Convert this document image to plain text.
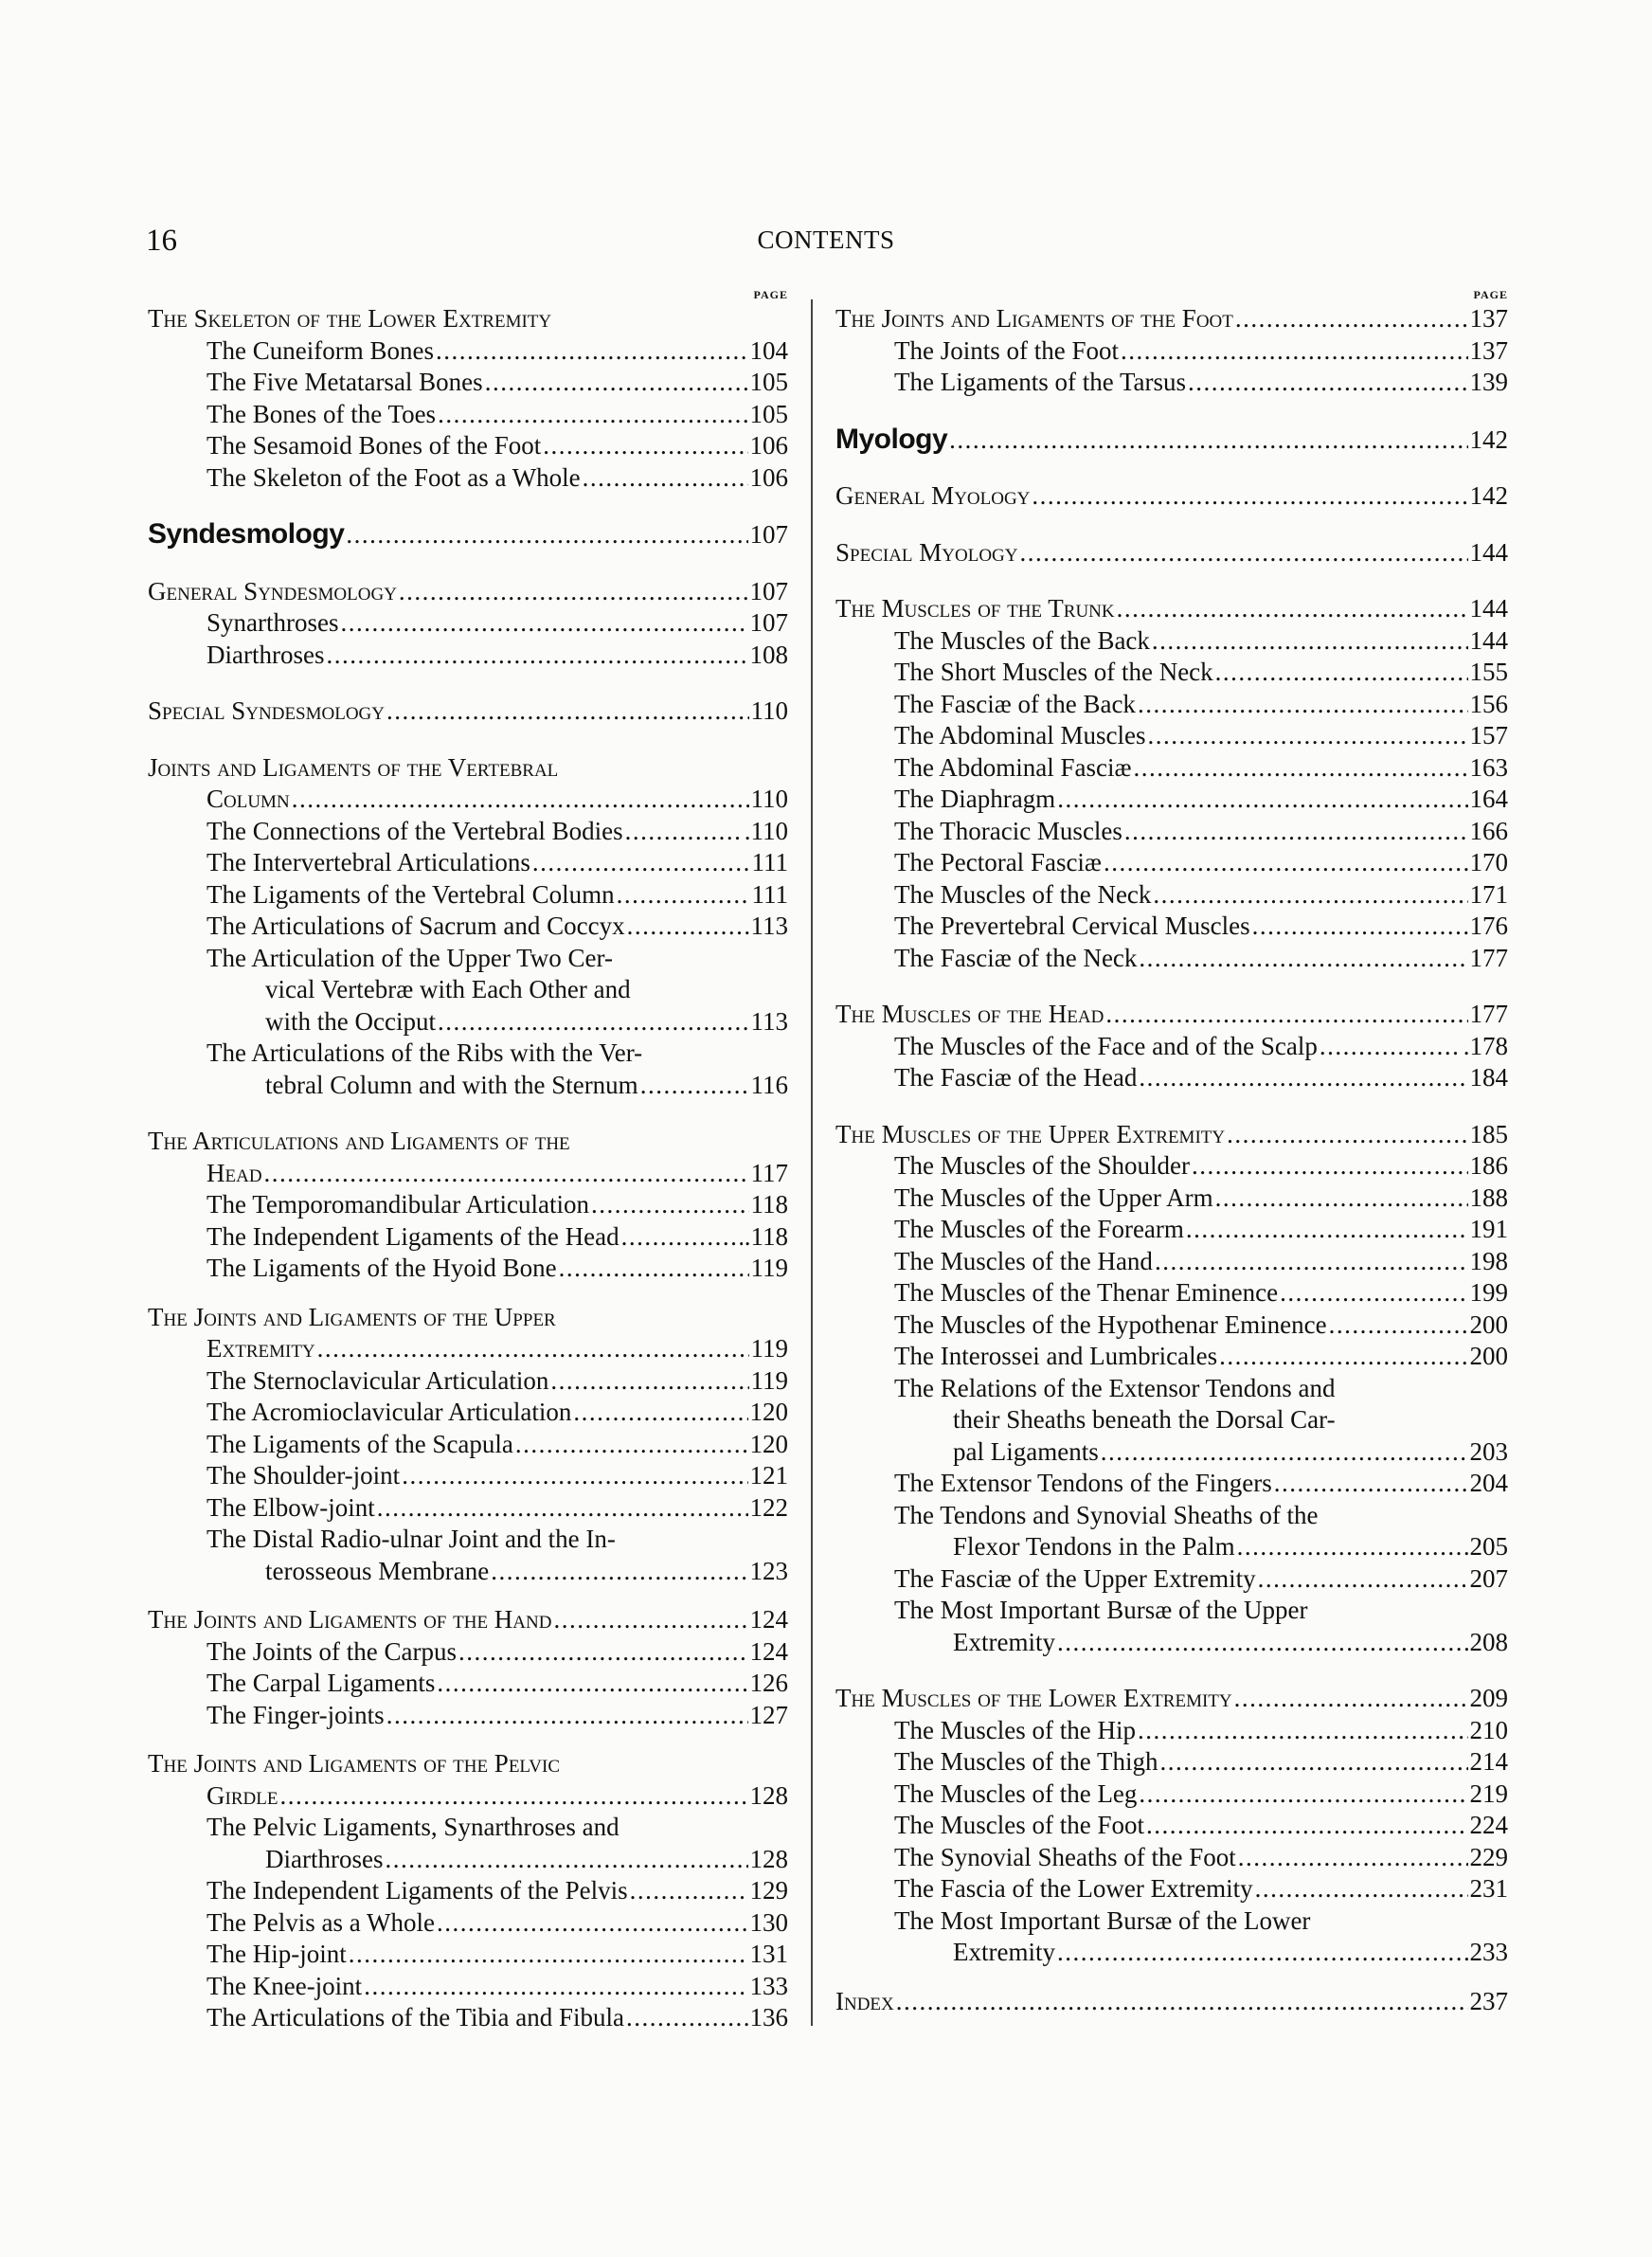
16	CONTENTS
PAGE
The Skeleton of the Lower Extremity
The Cuneiform Bones .....	104
The Five Metatarsal Bones .....	105
The Bones of the Toes .....	105
The Sesamoid Bones of the Foot .....	106
The Skeleton of the Foot as a Whole .....	106
Syndesmology .....	107
General Syndesmology .....	107
Synarthroses .....	107
Diarthroses .....	108
Special Syndesmology .....	110
Joints and Ligaments of the Vertebral
Column .....	110
The Connections of the Vertebral Bodies .....	.110
The Intervertebral Articulations .....	111
The Ligaments of the Vertebral Column .....	111
The Articulations of Sacrum and Coccyx .....	113
The Articulation of the Upper Two Cer-
vical Vertebræ with Each Other and
with the Occiput .....	113
The Articulations of the Ribs with the Ver-
tebral Column and with the Sternum .....	116
The Articulations and Ligaments of the
Head .....	117
The Temporomandibular Articulation .....	118
The Independent Ligaments of the Head .....	.118
The Ligaments of the Hyoid Bone .....	119
The Joints and Ligaments of the Upper
Extremity .....	119
The Sternoclavicular Articulation .....	119
The Acromioclavicular Articulation .....	120
The Ligaments of the Scapula .....	120
The Shoulder-joint .....	121
The Elbow-joint .....	122
The Distal Radio-ulnar Joint and the In-
terosseous Membrane .....	123
The Joints and Ligaments of the Hand .....	124
The Joints of the Carpus .....	124
The Carpal Ligaments .....	126
The Finger-joints .....	127
The Joints and Ligaments of the Pelvic
Girdle .....	128
The Pelvic Ligaments, Synarthroses and
Diarthroses .....	128
The Independent Ligaments of the Pelvis .....	129
The Pelvis as a Whole .....	130
The Hip-joint .....	131
The Knee-joint .....	133
The Articulations of the Tibia and Fibula .....	.136
PAGE
The Joints and Ligaments of the Foot .....	137
The Joints of the Foot .....	137
The Ligaments of the Tarsus .....	139
Myology .....	142
General Myology .....	142
Special Myology .....	144
The Muscles of the Trunk .....	144
The Muscles of the Back .....	144
The Short Muscles of the Neck .....	155
The Fasciæ of the Back .....	156
The Abdominal Muscles .....	157
The Abdominal Fasciæ .....	163
The Diaphragm .....	164
The Thoracic Muscles .....	166
The Pectoral Fasciæ .....	170
The Muscles of the Neck .....	171
The Prevertebral Cervical Muscles .....	176
The Fasciæ of the Neck .....	177
The Muscles of the Head .....	177
The Muscles of the Face and of the Scalp .....	.178
The Fasciæ of the Head .....	184
The Muscles of the Upper Extremity .....	185
The Muscles of the Shoulder .....	186
The Muscles of the Upper Arm .....	188
The Muscles of the Forearm .....	191
The Muscles of the Hand .....	198
The Muscles of the Thenar Eminence .....	199
The Muscles of the Hypothenar Eminence .....	200
The Interossei and Lumbricales .....	200
The Relations of the Extensor Tendons and
their Sheaths beneath the Dorsal Car-
pal Ligaments .....	203
The Extensor Tendons of the Fingers .....	204
The Tendons and Synovial Sheaths of the
Flexor Tendons in the Palm .....	205
The Fasciæ of the Upper Extremity .....	207
The Most Important Bursæ of the Upper
Extremity .....	208
The Muscles of the Lower Extremity .....	209
The Muscles of the Hip .....	210
The Muscles of the Thigh .....	214
The Muscles of the Leg .....	219
The Muscles of the Foot .....	224
The Synovial Sheaths of the Foot .....	229
The Fascia of the Lower Extremity .....	231
The Most Important Bursæ of the Lower
Extremity .....	233
Index .....	237
